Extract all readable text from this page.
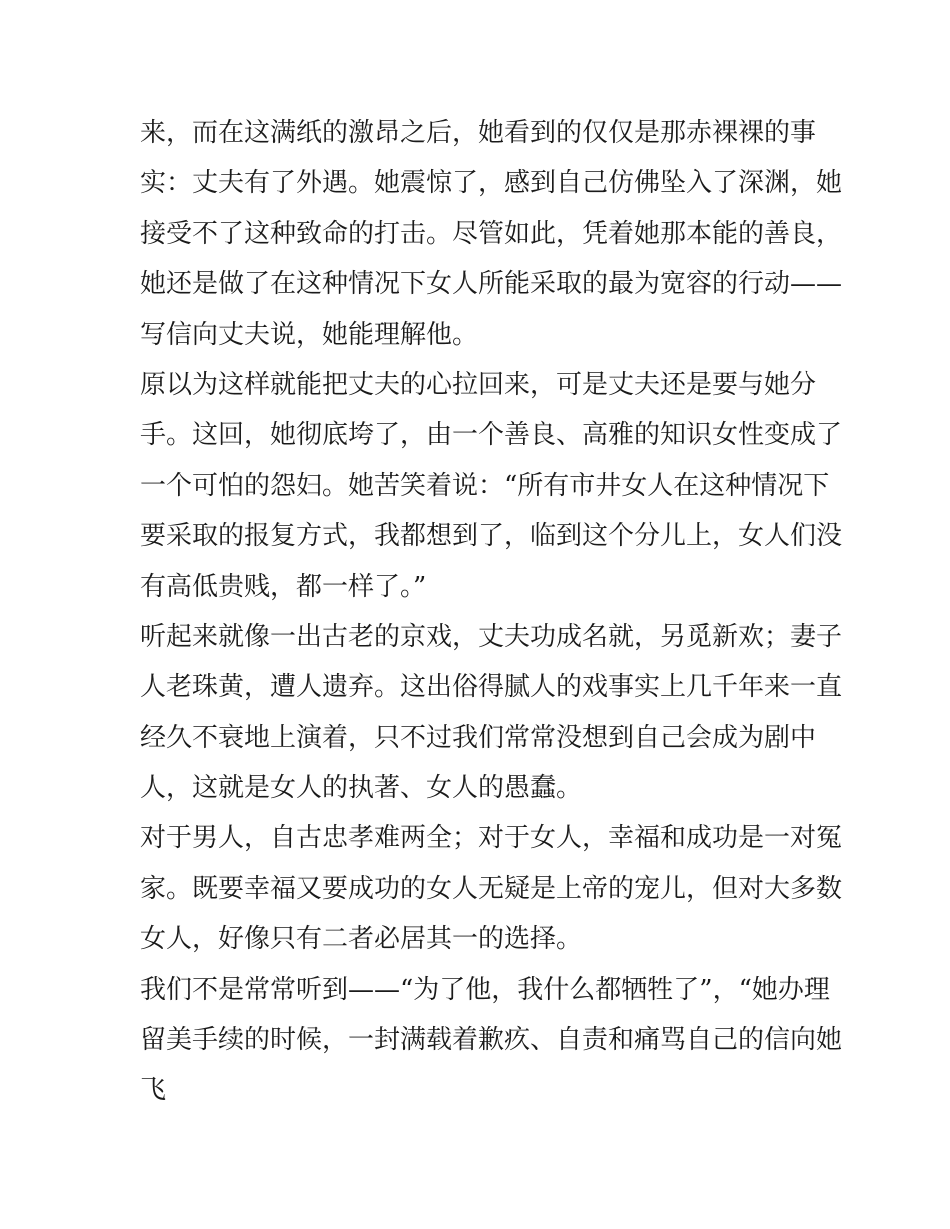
来，而在这满纸的激昂之后，她看到的仅仅是那赤裸裸的事
实：丈夫有了外遇。她震惊了，感到自己仿佛坠入了深渊，她
接受不了这种致命的打击。尽管如此，凭着她那本能的善良，
她还是做了在这种情况下女人所能采取的最为宽容的行动——
写信向丈夫说，她能理解他。
原以为这样就能把丈夫的心拉回来，可是丈夫还是要与她分
手。这回，她彻底垮了，由一个善良、高雅的知识女性变成了
一个可怕的怨妇。她苦笑着说：“所有市井女人在这种情况下
要采取的报复方式，我都想到了，临到这个分儿上，女人们没
有高低贵贱，都一样了。”
听起来就像一出古老的京戏，丈夫功成名就，另觅新欢；妻子
人老珠黄，遭人遗弃。这出俗得腻人的戏事实上几千年来一直
经久不衰地上演着，只不过我们常常没想到自己会成为剧中
人，这就是女人的执著、女人的愚蠢。
对于男人，自古忠孝难两全；对于女人，幸福和成功是一对冤
家。既要幸福又要成功的女人无疑是上帝的宠儿，但对大多数
女人，好像只有二者必居其一的选择。
我们不是常常听到——“为了他，我什么都牺牲了”，“她办理
留美手续的时候，一封满载着歉疚、自责和痛骂自己的信向她
飞
